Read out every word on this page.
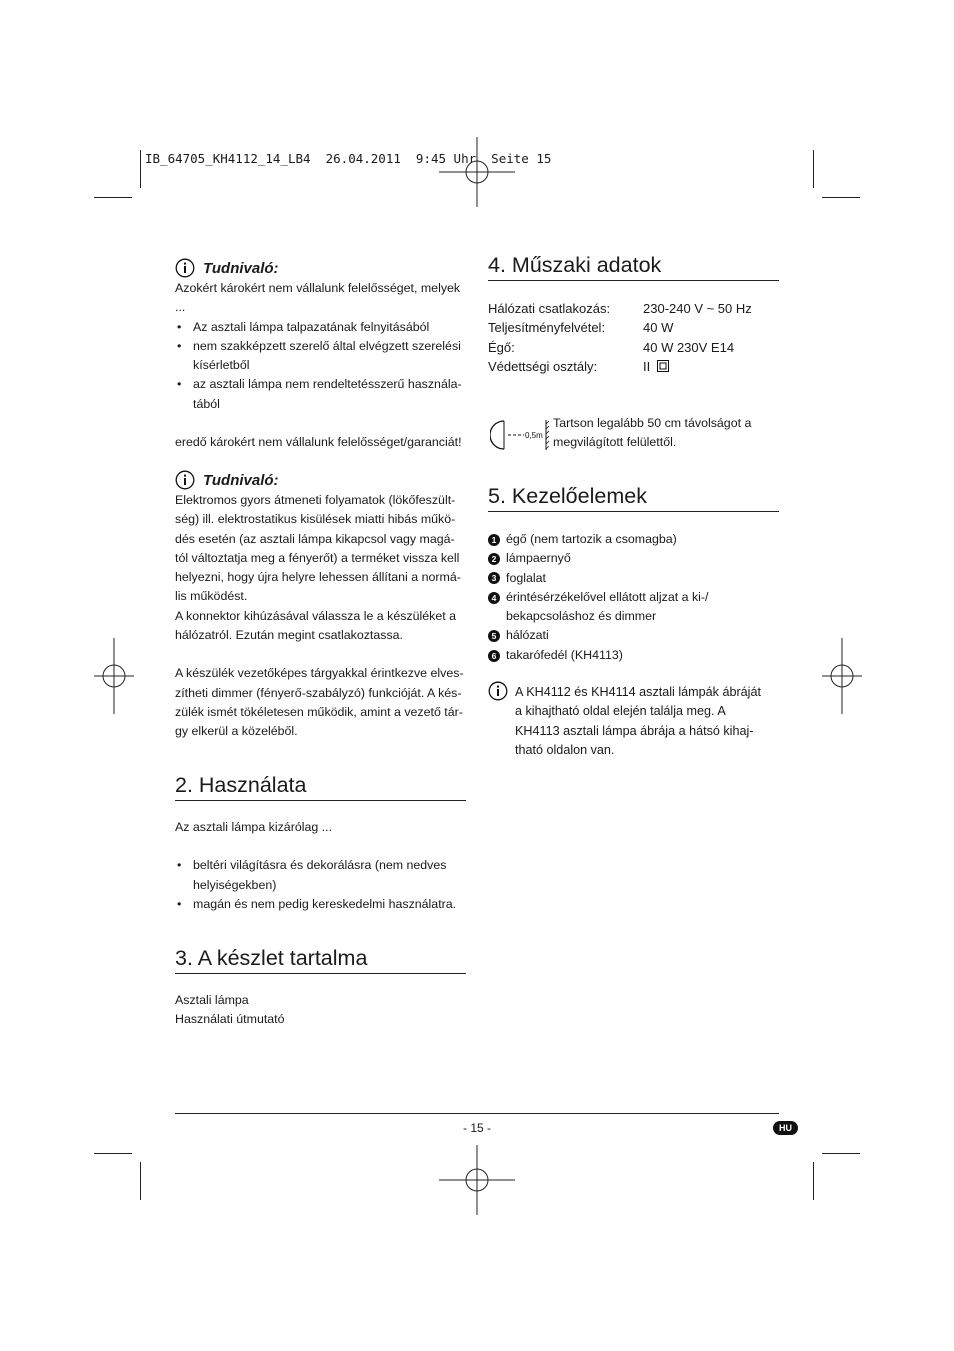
IB_64705_KH4112_14_LB4  26.04.2011  9:45 Uhr  Seite 15
Tudnivaló:
Azokért károkért nem vállalunk felelősséget, melyek ...
• Az asztali lámpa talpazatának felnyitásából
• nem szakképzett szerelő által elvégzett szerelési
kísérletből
• az asztali lámpa nem rendeltetésszerű használa-
tából
eredő károkért nem vállalunk felelősséget/garanciát!
Tudnivaló:
Elektromos gyors átmeneti folyamatok (lökőfeszült-
ség) ill. elektrostatikus kisülések miatti hibás műkö-
dés esetén (az asztali lámpa kikapcsol vagy magá-
tól változtatja meg a fényerőt) a terméket vissza kell
helyezni, hogy újra helyre lehessen állítani a normá-
lis működést.
A konnektor kihúzásával válassza le a készüléket a
hálózatról. Ezután megint csatlakoztassa.
A készülék vezetőképes tárgyakkal érintkezve elves-
zítheti dimmer (fényerő-szabályzó) funkcióját. A kés-
zülék ismét tökéletesen működik, amint a vezető tár-
gy elkerül a közeléből.
2. Használata
Az asztali lámpa kizárólag ...
• beltéri világításra és dekorálásra (nem nedves
helyiségekben)
• magán és nem pedig kereskedelmi használatra.
3. A készlet tartalma
Asztali lámpa
Használati útmutató
4. Műszaki adatok
Hálózati csatlakozás:	230-240 V ~ 50 Hz
Teljesítményfelvétel:	40 W
Égő:	40 W 230V E14
Védettségi osztály:	II
0,5m
Tartson legalább 50 cm távolságot a
megvilágított felülettől.
5. Kezelőelemek
1 égő (nem tartozik a csomagba)
2 lámpaernyő
3 foglalat
4 érintésérzékelővel ellátott aljzat a ki-/
bekapcsoláshoz és dimmer
5 hálózati
6 takarófedél (KH4113)
A KH4112 és KH4114 asztali lámpák ábráját
a kihajtható oldal elején találja meg. A
KH4113 asztali lámpa ábrája a hátsó kihaj-
tható oldalon van.
- 15 -	HU
